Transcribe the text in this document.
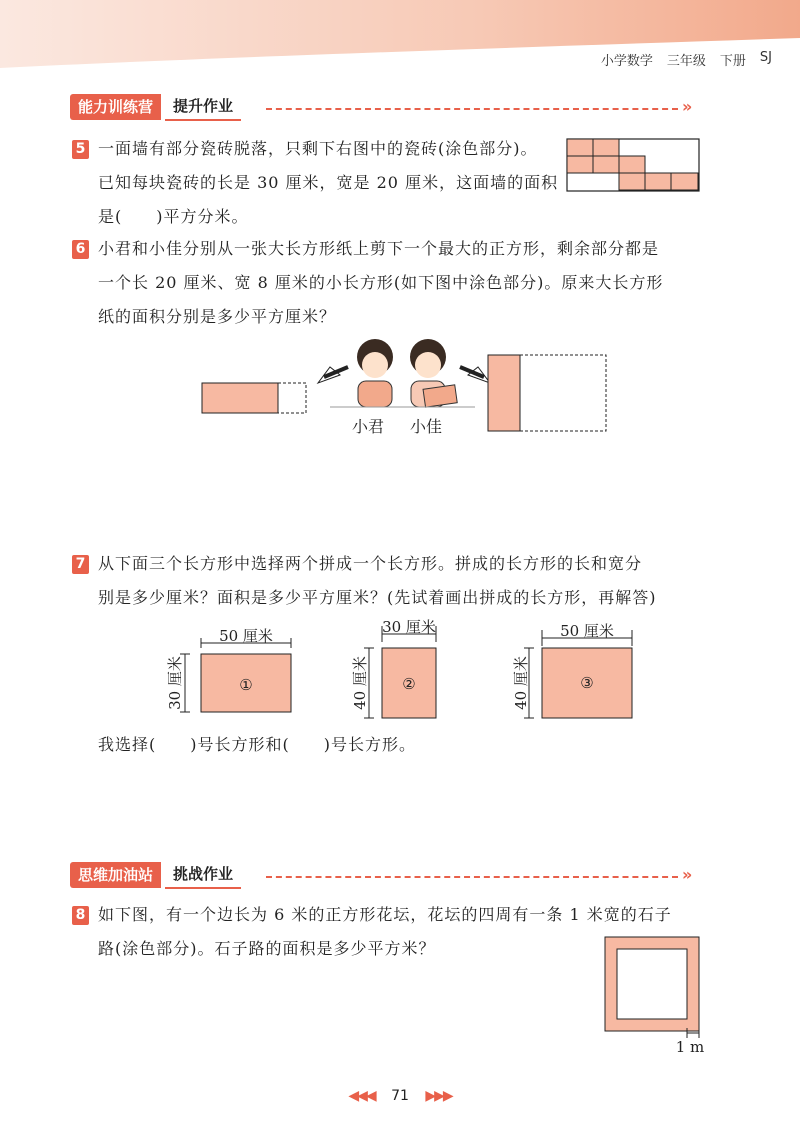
小学数学 三年级 下册 SJ
能力训练营	提升作业	»
5 一面墙有部分瓷砖脱落，只剩下右图中的瓷砖(涂色部分)。
已知每块瓷砖的长是 30 厘米，宽是 20 厘米，这面墙的面积
是(　　)平方分米。
6 小君和小佳分别从一张大长方形纸上剪下一个最大的正方形，剩余部分都是
一个长 20 厘米、宽 8 厘米的小长方形(如下图中涂色部分)。原来大长方形
纸的面积分别是多少平方厘米？
小君 小佳
7 从下面三个长方形中选择两个拼成一个长方形。拼成的长方形的长和宽分
别是多少厘米？面积是多少平方厘米？(先试着画出拼成的长方形，再解答)
50 厘米
30 厘米	①
30 厘米
40 厘米 ②
50 厘米
40 厘米	③
我选择(　　)号长方形和(　　)号长方形。
思维加油站	挑战作业	»
8 如下图，有一个边长为 6 米的正方形花坛，花坛的四周有一条 1 米宽的石子
路(涂色部分)。石子路的面积是多少平方米？
1 m
◀◀◀ 71 ▶▶▶
